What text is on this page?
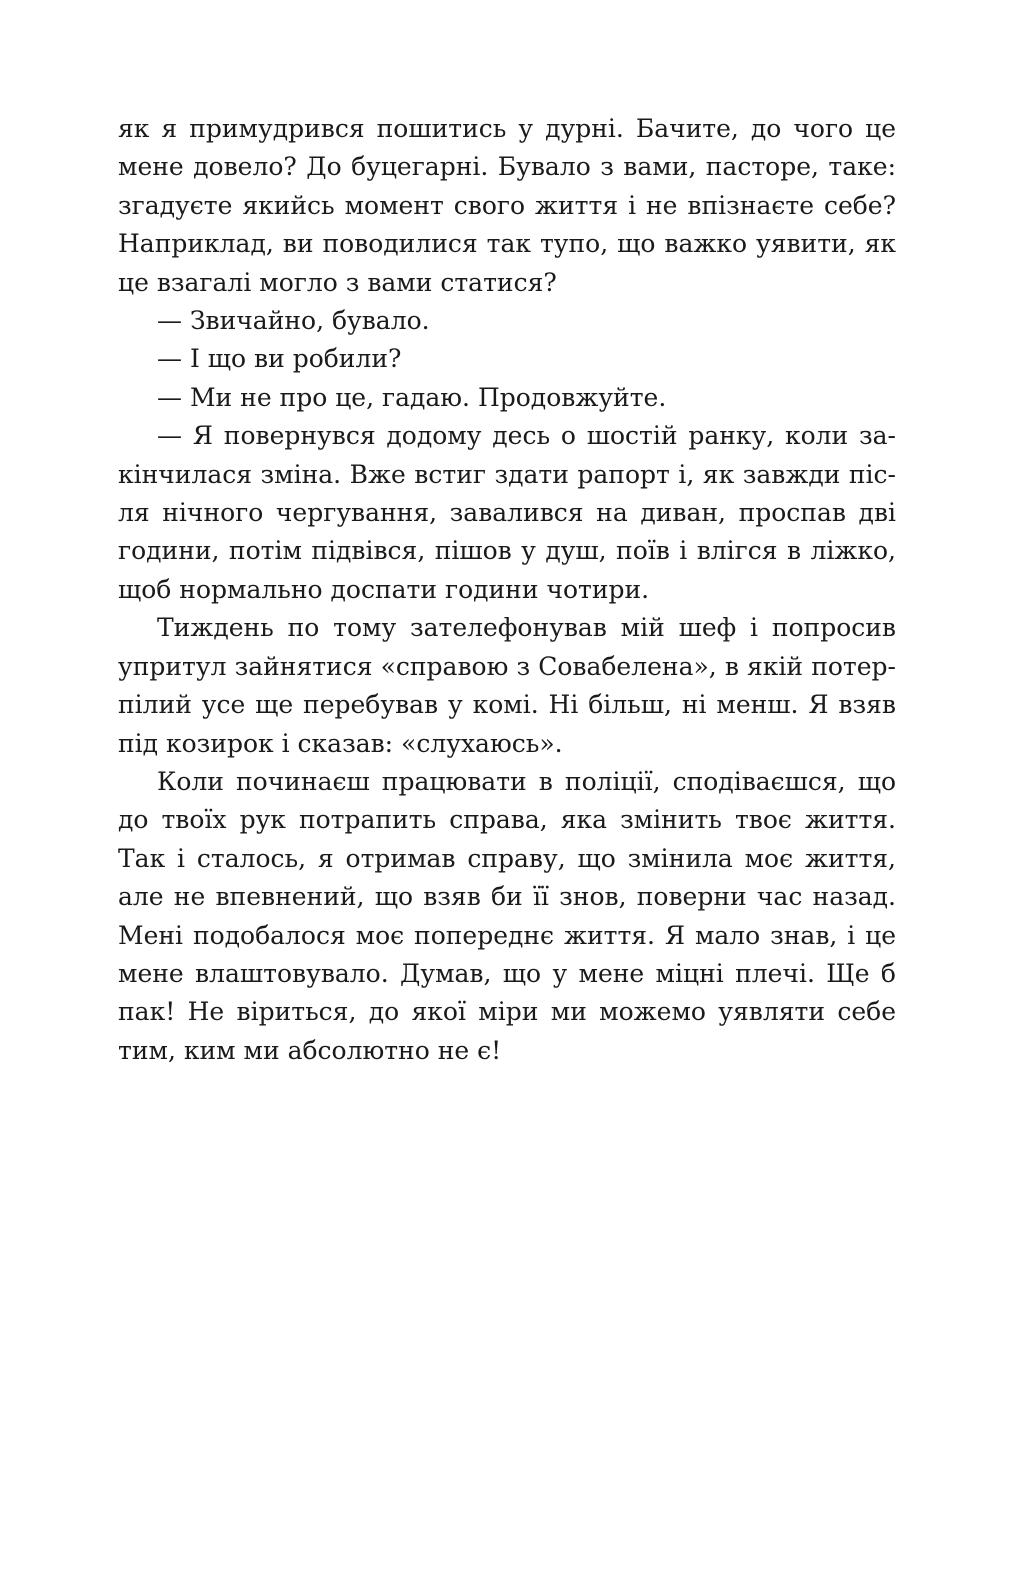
як я примудрився пошитись у дурні. Бачите, до чого це мене довело? До буцегарні. Бувало з вами, пасторе, таке: згадуєте якийсь момент свого життя і не впізнаєте себе? Наприклад, ви поводилися так тупо, що важко уявити, як це взагалі могло з вами статися?

— Звичайно, бувало.

— І що ви робили?

— Ми не про це, гадаю. Продовжуйте.

— Я повернувся додому десь о шостій ранку, коли закінчилася зміна. Вже встиг здати рапорт і, як завжди після нічного чергування, завалився на диван, проспав дві години, потім підвівся, пішов у душ, поїв і влігся в ліжко, щоб нормально доспати години чотири.

Тиждень по тому зателефонував мій шеф і попросив упритул зайнятися «справою з Совабелена», в якій потерпілий усе ще перебував у комі. Ні більш, ні менш. Я взяв під козирок і сказав: «слухаюсь».

Коли починаєш працювати в поліції, сподіваєшся, що до твоїх рук потрапить справа, яка змінить твоє життя. Так і сталось, я отримав справу, що змінила моє життя, але не впевнений, що взяв би її знов, поверни час назад. Мені подобалося моє попереднє життя. Я мало знав, і це мене влаштовувало. Думав, що у мене міцні плечі. Ще б пак! Не віриться, до якої міри ми можемо уявляти себе тим, ким ми абсолютно не є!
